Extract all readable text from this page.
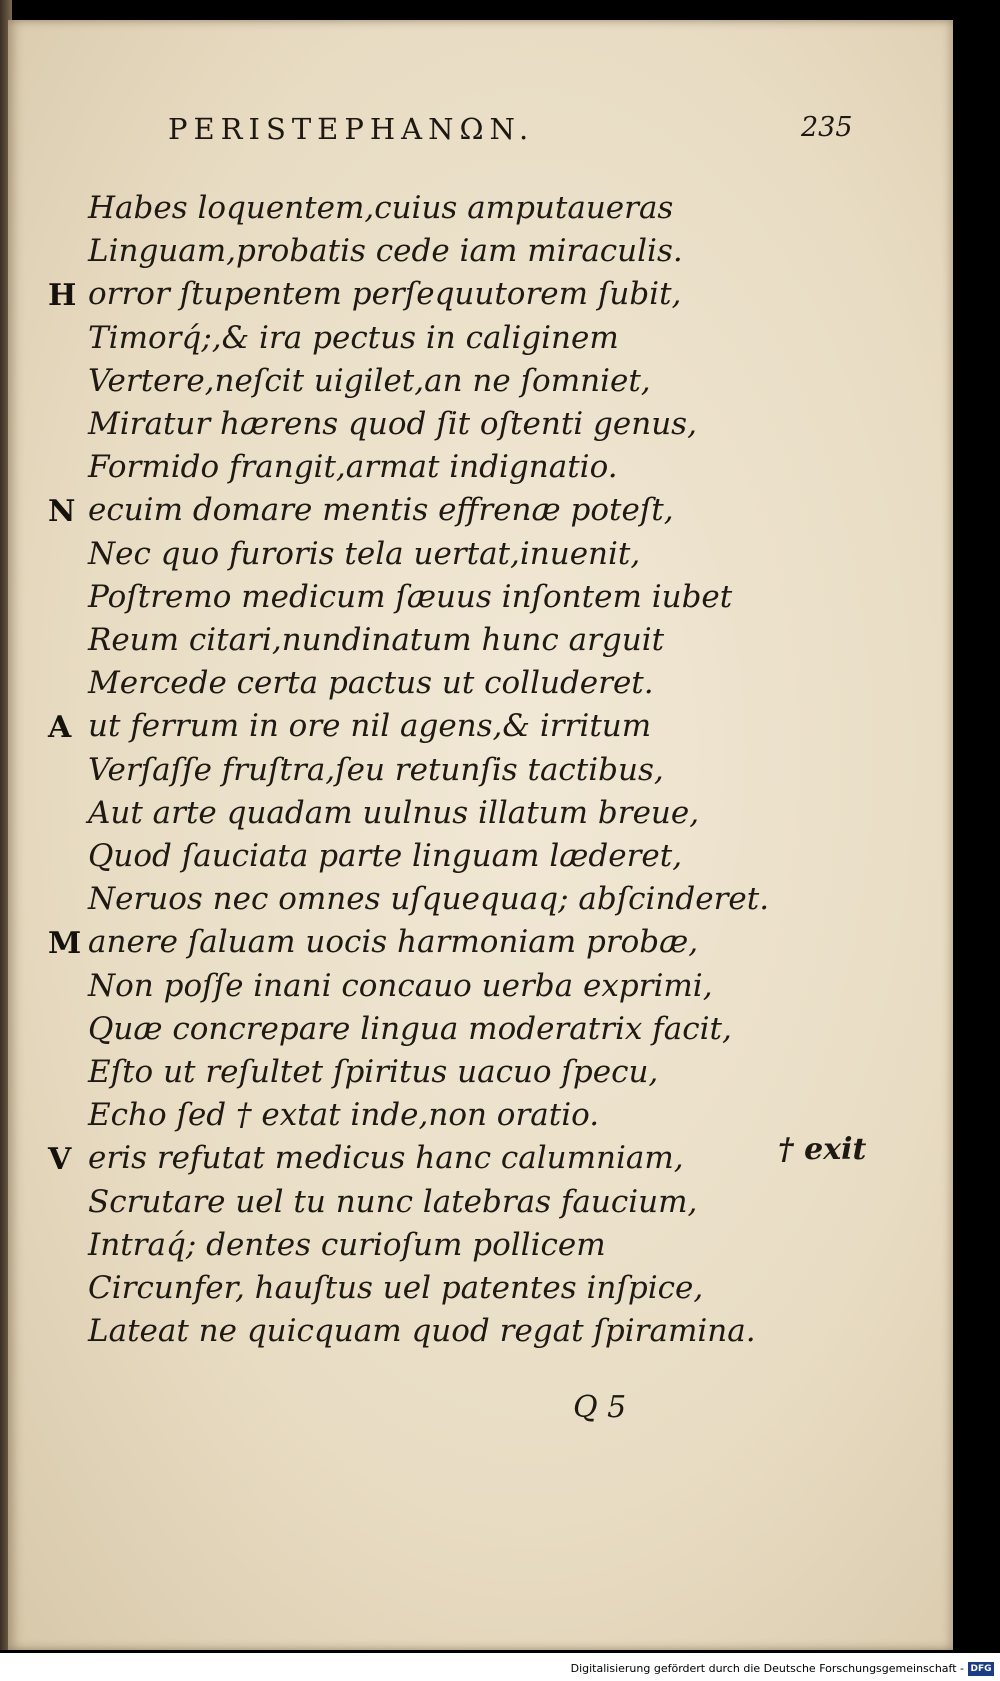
PERISTEPHANΩN.	235
Habes loquentem,cuius amputaueras
Linguam,probatis cede iam miraculis.
H orror ſtupentem perſequutorem ſubit,
Timorq́;,& ira pectus in caliginem
Vertere,neſcit uigilet,an ne ſomniet,
Miratur hærens quod ſit oſtenti genus,
Formido frangit,armat indignatio.
N ecuim domare mentis effrenæ poteſt,
Nec quo furoris tela uertat,inuenit,
Poſtremo medicum ſæuus inſontem iubet
Reum citari,nundinatum hunc arguit
Mercede certa pactus ut colluderet.
A ut ferrum in ore nil agens,& irritum
Verſaſſe fruſtra,ſeu retunſis tactibus,
Aut arte quadam uulnus illatum breue,
Quod ſauciata parte linguam læderet,
Neruos nec omnes uſquequaq; abſcinderet.
M anere ſaluam uocis harmoniam probæ,
Non poſſe inani concauo uerba exprimi,
Quæ concrepare lingua moderatrix facit,
Eſto ut reſultet ſpiritus uacuo ſpecu,
Echo ſed † extat inde,non oratio.
V eris refutat medicus hanc calumniam,
Scrutare uel tu nunc latebras faucium,
Intraq́; dentes curioſum pollicem
Circunfer, hauſtus uel patentes inſpice,
Lateat ne quicquam quod regat ſpiramina.
† exit
Q 5
Digitalisierung gefördert durch die Deutsche Forschungsgemeinschaft - DFG
